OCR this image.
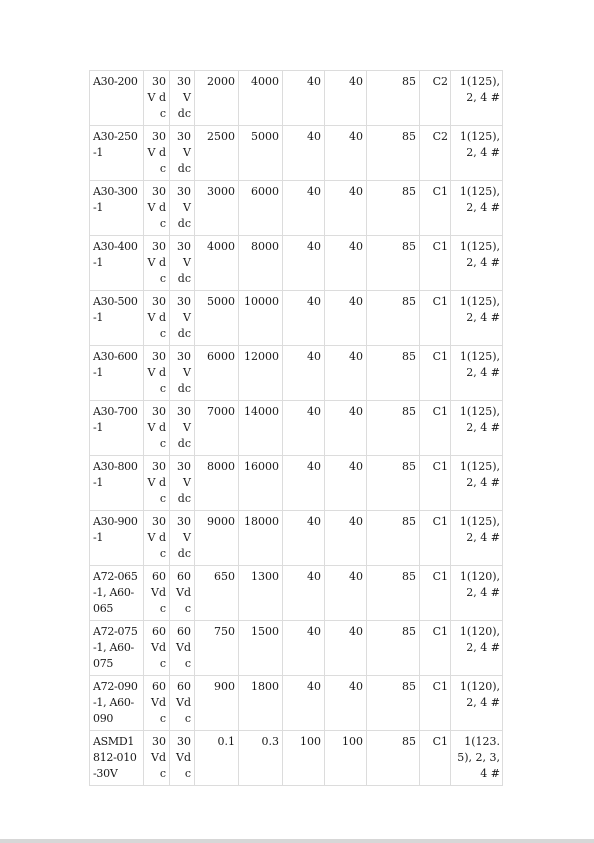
A30-200	30 V dc	30 V dc	2000	4000	40	40	85	C2	1(125), 2, 4 #
A30-250-1	30 V dc	30 V dc	2500	5000	40	40	85	C2	1(125), 2, 4 #
A30-300-1	30 V dc	30 V dc	3000	6000	40	40	85	C1	1(125), 2, 4 #
A30-400-1	30 V dc	30 V dc	4000	8000	40	40	85	C1	1(125), 2, 4 #
A30-500-1	30 V dc	30 V dc	5000	10000	40	40	85	C1	1(125), 2, 4 #
A30-600-1	30 V dc	30 V dc	6000	12000	40	40	85	C1	1(125), 2, 4 #
A30-700-1	30 V dc	30 V dc	7000	14000	40	40	85	C1	1(125), 2, 4 #
A30-800-1	30 V dc	30 V dc	8000	16000	40	40	85	C1	1(125), 2, 4 #
A30-900-1	30 V dc	30 V dc	9000	18000	40	40	85	C1	1(125), 2, 4 #
A72-065-1, A60-065	60 Vdc	60 Vdc	650	1300	40	40	85	C1	1(120), 2, 4 #
A72-075-1, A60-075	60 Vdc	60 Vdc	750	1500	40	40	85	C1	1(120), 2, 4 #
A72-090-1, A60-090	60 Vdc	60 Vdc	900	1800	40	40	85	C1	1(120), 2, 4 #
ASMD1812-010-30V	30 Vdc	30 Vdc	0.1	0.3	100	100	85	C1	1(123.5), 2, 3, 4 #
